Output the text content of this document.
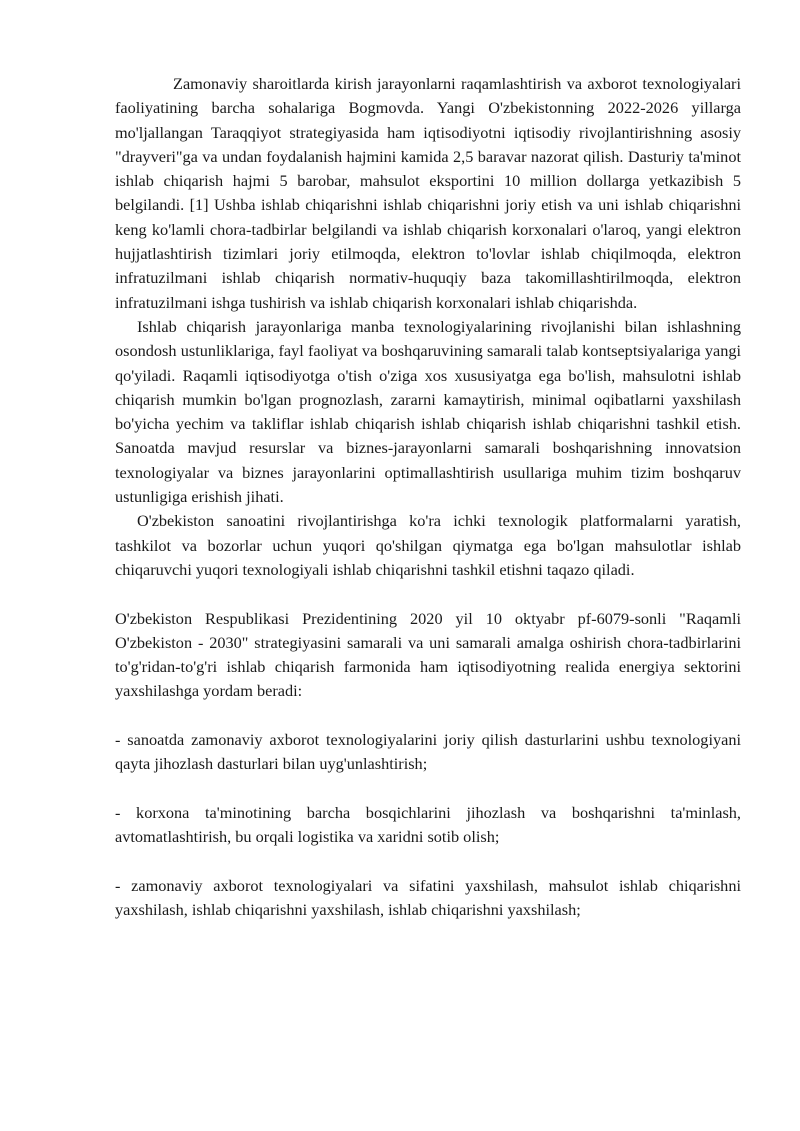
Zamonaviy sharoitlarda kirish jarayonlarni raqamlashtirish va axborot texnologiyalari faoliyatining barcha sohalariga Bogmovda. Yangi O'zbekistonning 2022-2026 yillarga mo'ljallangan Taraqqiyot strategiyasida ham iqtisodiyotni iqtisodiy rivojlantirishning asosiy "drayveri"ga va undan foydalanish hajmini kamida 2,5 baravar nazorat qilish. Dasturiy ta'minot ishlab chiqarish hajmi 5 barobar, mahsulot eksportini 10 million dollarga yetkazibish 5 belgilandi. [1] Ushba ishlab chiqarishni ishlab chiqarishni joriy etish va uni ishlab chiqarishni keng ko'lamli chora-tadbirlar belgilandi va ishlab chiqarish korxonalari o'laroq, yangi elektron hujjatlashtirish tizimlari joriy etilmoqda, elektron to'lovlar ishlab chiqilmoqda, elektron infratuzilmani ishlab chiqarish normativ-huquqiy baza takomillashtirilmoqda, elektron infratuzilmani ishga tushirish va ishlab chiqarish korxonalari ishlab chiqarishda.

Ishlab chiqarish jarayonlariga manba texnologiyalarining rivojlanishi bilan ishlashning osondosh ustunliklariga, fayl faoliyat va boshqaruvining samarali talab kontseptsiyalariga yangi qo'yiladi. Raqamli iqtisodiyotga o'tish o'ziga xos xususiyatga ega bo'lish, mahsulotni ishlab chiqarish mumkin bo'lgan prognozlash, zararni kamaytirish, minimal oqibatlarni yaxshilash bo'yicha yechim va takliflar ishlab chiqarish ishlab chiqarish ishlab chiqarishni tashkil etish. Sanoatda mavjud resurslar va biznes-jarayonlarni samarali boshqarishning innovatsion texnologiyalar va biznes jarayonlarini optimallashtirish usullariga muhim tizim boshqaruv ustunligiga erishish jihati.

O'zbekiston sanoatini rivojlantirishga ko'ra ichki texnologik platformalarni yaratish, tashkilot va bozorlar uchun yuqori qo'shilgan qiymatga ega bo'lgan mahsulotlar ishlab chiqaruvchi yuqori texnologiyali ishlab chiqarishni tashkil etishni taqazo qiladi.

O'zbekiston Respublikasi Prezidentining 2020 yil 10 oktyabr pf-6079-sonli "Raqamli O'zbekiston - 2030" strategiyasini samarali va uni samarali amalga oshirish chora-tadbirlarini to'g'ridan-to'g'ri ishlab chiqarish farmonida ham iqtisodiyotning realida energiya sektorini yaxshilashga yordam beradi:

- sanoatda zamonaviy axborot texnologiyalarini joriy qilish dasturlarini ushbu texnologiyani qayta jihozlash dasturlari bilan uyg'unlashtirish;

- korxona ta'minotining barcha bosqichlarini jihozlash va boshqarishni ta'minlash, avtomatlashtirish, bu orqali logistika va xaridni sotib olish;

- zamonaviy axborot texnologiyalari va sifatini yaxshilash, mahsulot ishlab chiqarishni yaxshilash, ishlab chiqarishni yaxshilash, ishlab chiqarishni yaxshilash;
